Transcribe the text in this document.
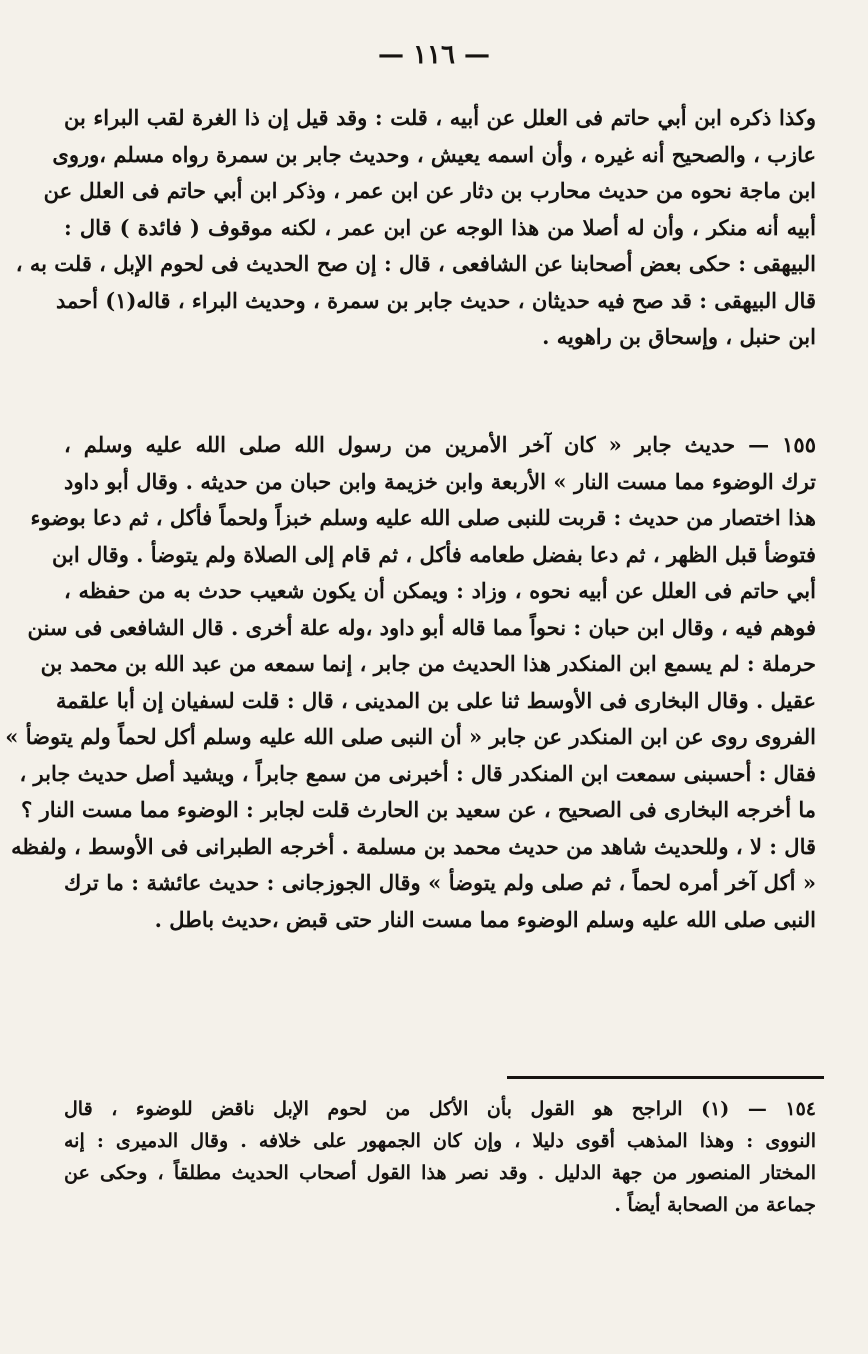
— ١١٦ —
وكذا ذكره ابن أبي حاتم فى العلل عن أبيه ، قلت : وقد قيل إن ذا الغرة لقب البراء بن
عازب ، والصحيح أنه غيره ، وأن اسمه يعيش ، وحديث جابر بن سمرة رواه مسلم ،وروى
ابن ماجة نحوه من حديث محارب بن دثار عن ابن عمر ، وذكر ابن أبي حاتم فى العلل عن
أبيه أنه منكر ، وأن له أصلا من هذا الوجه عن ابن عمر ، لكنه موقوف ( فائدة ) قال :
البيهقى : حكى بعض أصحابنا عن الشافعى ، قال : إن صح الحديث فى لحوم الإبل ، قلت به ،
قال البيهقى : قد صح فيه حديثان ، حديث جابر بن سمرة ، وحديث البراء ، قاله(١) أحمد
ابن حنبل ، وإسحاق بن راهويه .
١٥٥ — حديث جابر « كان آخر الأمرين من رسول الله صلى الله عليه وسلم ،
ترك الوضوء مما مست النار » الأربعة وابن خزيمة وابن حبان من حديثه . وقال أبو داود
هذا اختصار من حديث : قربت للنبى صلى الله عليه وسلم خبزاً ولحماً فأكل ، ثم دعا بوضوء
فتوضأ قبل الظهر ، ثم دعا بفضل طعامه فأكل ، ثم قام إلى الصلاة ولم يتوضأ . وقال ابن
أبي حاتم فى العلل عن أبيه نحوه ، وزاد : ويمكن أن يكون شعيب حدث به من حفظه ،
فوهم فيه ، وقال ابن حبان : نحواً مما قاله أبو داود ،وله علة أخرى . قال الشافعى فى سنن
حرملة : لم يسمع ابن المنكدر هذا الحديث من جابر ، إنما سمعه من عبد الله بن محمد بن
عقيل . وقال البخارى فى الأوسط ثنا على بن المدينى ، قال : قلت لسفيان إن أبا علقمة
الفروى روى عن ابن المنكدر عن جابر « أن النبى صلى الله عليه وسلم أكل لحماً ولم يتوضأ »
فقال : أحسبنى سمعت ابن المنكدر قال : أخبرنى من سمع جابراً ، ويشيد أصل حديث جابر ،
ما أخرجه البخارى فى الصحيح ، عن سعيد بن الحارث قلت لجابر : الوضوء مما مست النار ؟
قال : لا ، وللحديث شاهد من حديث محمد بن مسلمة . أخرجه الطبرانى فى الأوسط ، ولفظه
« أكل آخر أمره لحماً ، ثم صلى ولم يتوضأ » وقال الجوزجانى : حديث عائشة : ما ترك
النبى صلى الله عليه وسلم الوضوء مما مست النار حتى قبض ،حديث باطل .
١٥٤ — (١) الراجح هو القول بأن الأكل من لحوم الإبل ناقض للوضوء ، قال
النووى : وهذا المذهب أقوى دليلا ، وإن كان الجمهور على خلافه . وقال الدميرى : إنه
المختار المنصور من جهة الدليل . وقد نصر هذا القول أصحاب الحديث مطلقاً ، وحكى عن
جماعة من الصحابة أيضاً .
